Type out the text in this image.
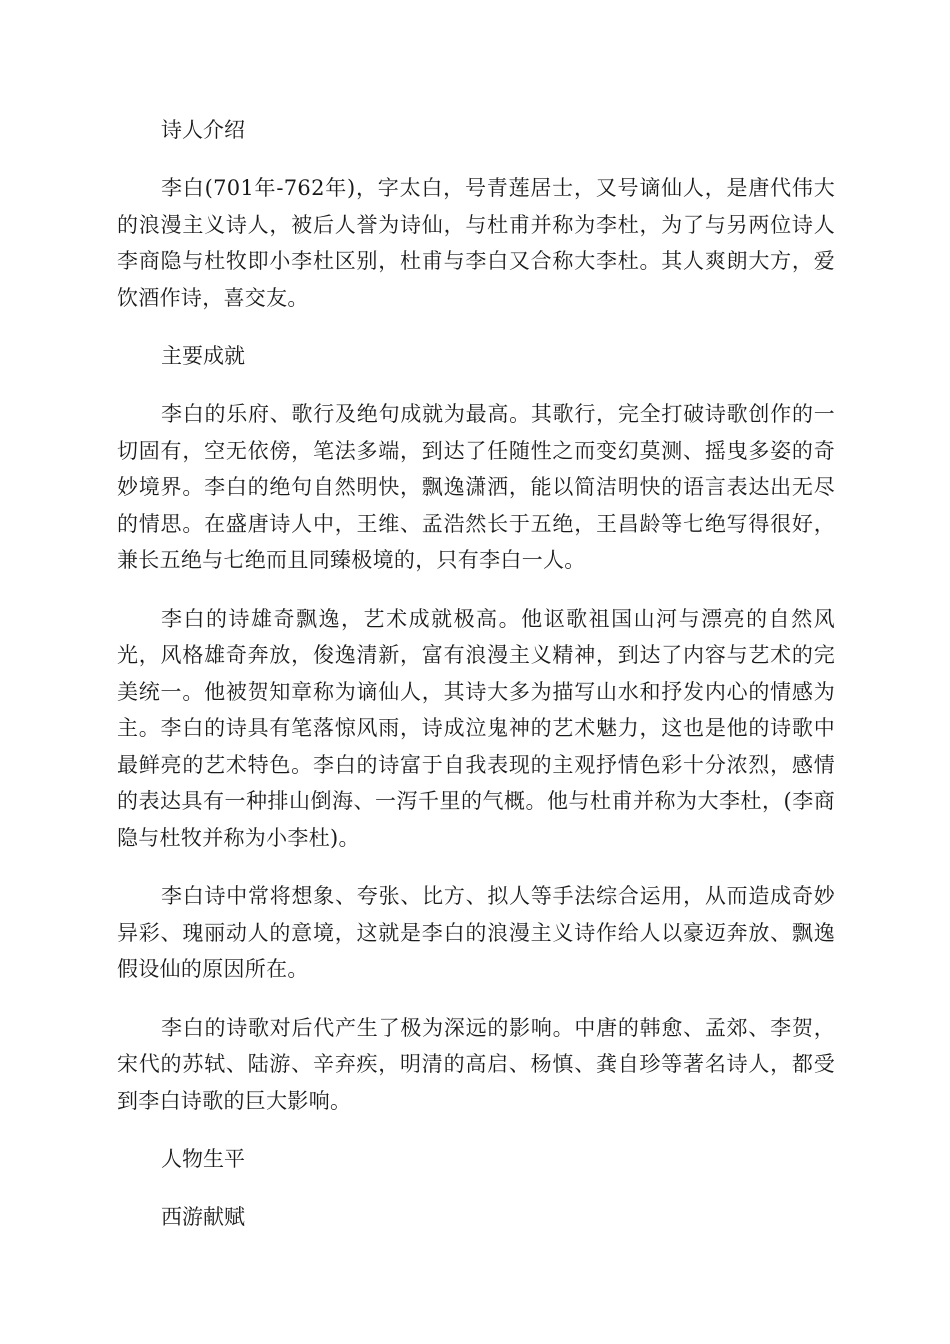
诗人介绍

李白(701年-762年)，字太白，号青莲居士，又号谪仙人，是唐代伟大的浪漫主义诗人，被后人誉为诗仙，与杜甫并称为李杜，为了与另两位诗人李商隐与杜牧即小李杜区别，杜甫与李白又合称大李杜。其人爽朗大方，爱饮酒作诗，喜交友。

主要成就

李白的乐府、歌行及绝句成就为最高。其歌行，完全打破诗歌创作的一切固有，空无依傍，笔法多端，到达了任随性之而变幻莫测、摇曳多姿的奇妙境界。李白的绝句自然明快，飘逸潇洒，能以简洁明快的语言表达出无尽的情思。在盛唐诗人中，王维、孟浩然长于五绝，王昌龄等七绝写得很好，兼长五绝与七绝而且同臻极境的，只有李白一人。

李白的诗雄奇飘逸，艺术成就极高。他讴歌祖国山河与漂亮的自然风光，风格雄奇奔放，俊逸清新，富有浪漫主义精神，到达了内容与艺术的完美统一。他被贺知章称为谪仙人，其诗大多为描写山水和抒发内心的情感为主。李白的诗具有笔落惊风雨，诗成泣鬼神的艺术魅力，这也是他的诗歌中最鲜亮的艺术特色。李白的诗富于自我表现的主观抒情色彩十分浓烈，感情的表达具有一种排山倒海、一泻千里的气概。他与杜甫并称为大李杜，(李商隐与杜牧并称为小李杜)。

李白诗中常将想象、夸张、比方、拟人等手法综合运用，从而造成奇妙异彩、瑰丽动人的意境，这就是李白的浪漫主义诗作给人以豪迈奔放、飘逸假设仙的原因所在。

李白的诗歌对后代产生了极为深远的影响。中唐的韩愈、孟郊、李贺，宋代的苏轼、陆游、辛弃疾，明清的高启、杨慎、龚自珍等著名诗人，都受到李白诗歌的巨大影响。

人物生平

西游献赋
